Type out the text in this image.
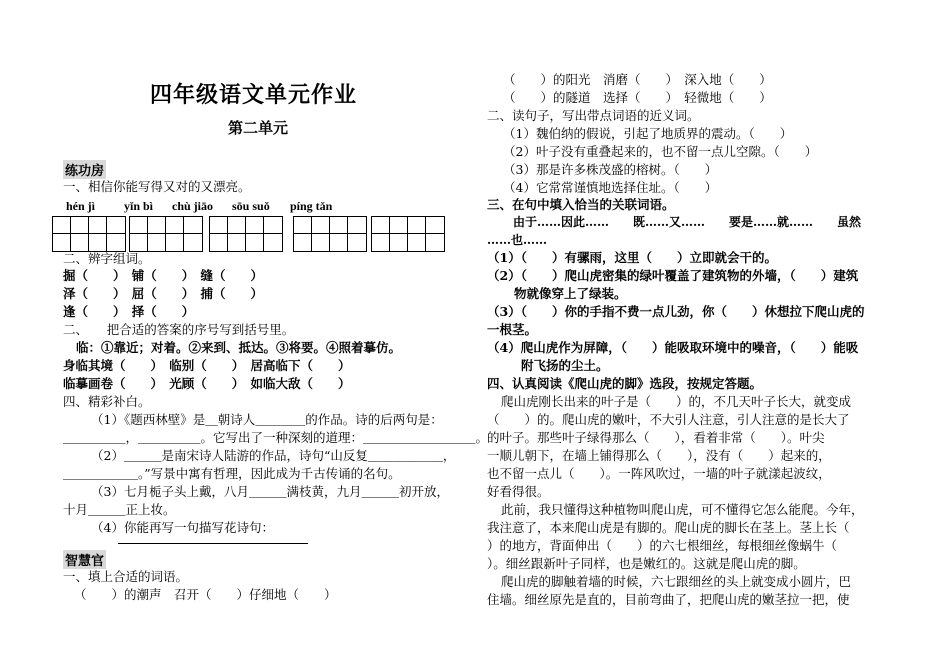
四年级语文单元作业
第二单元
练功房
一、相信你能写得又对的又漂亮。
hén jì yǐn bì chù jiāo sōu suǒ píng tǎn
二、辨字组词。
掘（　　）　铺（　　）　缝（　　）
泽（　　）　屈（　　）　捕（　　）
逢（　　）　择（　　）
二、　　把合适的答案的序号写到括号里。
临：①靠近；对着。②来到、抵达。③将要。④照着摹仿。
身临其境（　　）　临别（　　）　居高临下（　　）
临摹画卷（　　）　光顾（　　）　如临大敌（　　）
四、精彩补白。
（1）《题西林壁》是＿朝诗人＿＿＿＿的作品。诗的后两句是：
＿＿＿＿＿，＿＿＿＿＿。它写出了一种深刻的道理：＿＿＿＿＿＿＿＿＿。
（2）＿＿＿是南宋诗人陆游的作品，诗句“山反复＿＿＿＿＿＿，
＿＿＿＿＿＿。”写景中寓有哲理，因此成为千古传诵的名句。
（3）七月栀子头上戴，八月＿＿＿满枝黄，九月＿＿＿初开放，
十月＿＿＿正上妆。
（4）你能再写一句描写花诗句：
智慧官
一、填上合适的词语。
（　　）的潮声　召开（　　）仔细地（　　）
（　　）的阳光　消磨（　　）　深入地（　　）
（　　）的隧道　选择（　　）　轻微地（　　）
二、读句子，写出带点词语的近义词。
（1）魏伯纳的假说，引起了地质界的震动。（　　）
（2）叶子没有重叠起来的，也不留一点儿空隙。（　　）
（3）那是许多株茂盛的榕树。（　　）
（4）它常常谨慎地选择住址。（　　）
三、在句中填入恰当的关联词语。
由于……因此……　　既……又……　　要是……就……　　虽然
……也……
（1）（　　）有骡雨，这里（　　）立即就会干的。
（2）（　　）爬山虎密集的绿叶覆盖了建筑物的外墙，（　　）建筑
物就像穿上了绿装。
（3）（　　）你的手指不费一点儿劲，你（　　）休想拉下爬山虎的
一根茎。
（4）爬山虎作为屏障，（　　）能吸取环境中的噪音，（　　）能吸
附飞扬的尘土。
四、认真阅读《爬山虎的脚》选段，按规定答题。
爬山虎刚长出来的叶子是（　　）的，不几天叶子长大，就变成
（　　）的。爬山虎的嫩叶，不大引人注意，引人注意的是长大了
的叶子。那些叶子绿得那么（　　），看着非常（　　）。叶尖
一顺儿朝下，在墙上铺得那么（　　），没有（　　）起来的，
也不留一点儿（　　）。一阵风吹过，一墙的叶子就漾起波纹，
好看得很。
此前，我只懂得这种植物叫爬山虎，可不懂得它怎么能爬。今年，
我注意了，本来爬山虎是有脚的。爬山虎的脚长在茎上。茎上长（
）的地方，背面伸出（　　）的六七根细丝，每根细丝像蜗牛（
）。细丝跟新叶子同样，也是嫩红的。这就是爬山虎的脚。
爬山虎的脚触着墙的时候，六七跟细丝的头上就变成小圆片，巴
住墙。细丝原先是直的，目前弯曲了，把爬山虎的嫩茎拉一把，使
